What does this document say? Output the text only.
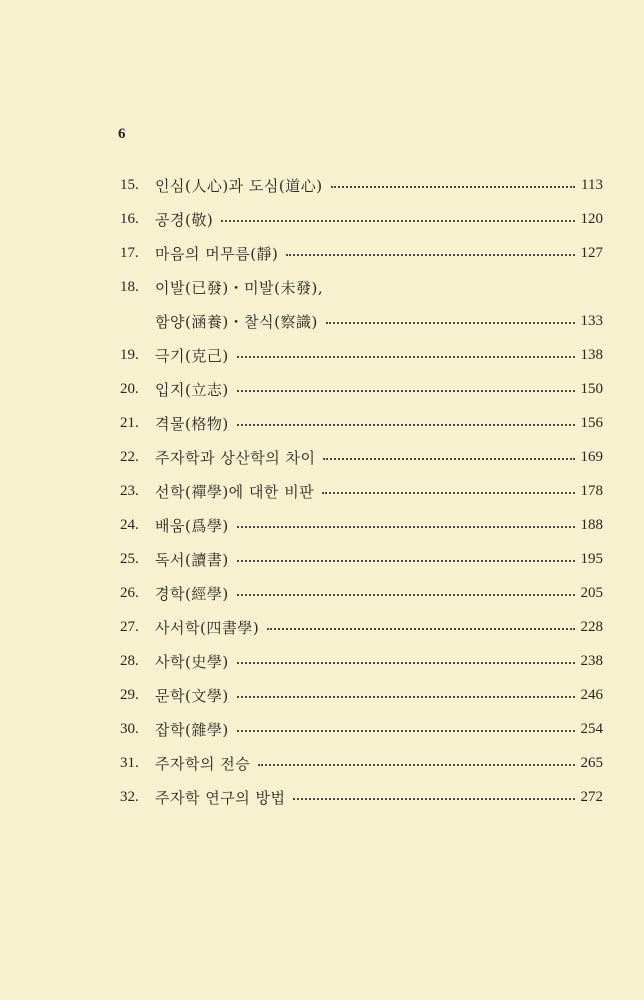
6
15.	인심(人心)과 도심(道心)	113
16.	공경(敬)	120
17.	마음의 머무름(靜)	127
18.	이발(已發)・미발(未發),
함양(涵養)・찰식(察識)	133
19.	극기(克己)	138
20.	입지(立志)	150
21.	격물(格物)	156
22.	주자학과 상산학의 차이	169
23.	선학(禪學)에 대한 비판	178
24.	배움(爲學)	188
25.	독서(讀書)	195
26.	경학(經學)	205
27.	사서학(四書學)	228
28.	사학(史學)	238
29.	문학(文學)	246
30.	잡학(雜學)	254
31.	주자학의 전승	265
32.	주자학 연구의 방법	272
